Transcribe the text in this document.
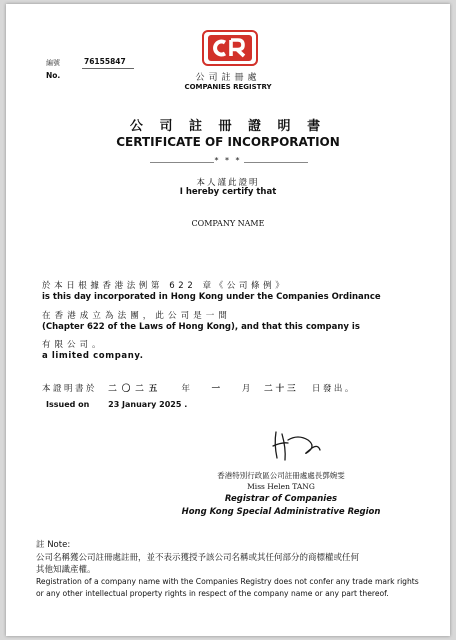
編號	76155847
No.	公司註冊處
COMPANIES REGISTRY
公 司 註 冊 證 明 書
CERTIFICATE OF INCORPORATION
* * *
本人謹此證明
I hereby certify that
COMPANY NAME
於本日根據香港法例第 622 章《公司條例》
is this day incorporated in Hong Kong under the Companies Ordinance
在香港成立為法團，此公司是一間
(Chapter 622 of the Laws of Hong Kong), and that this company is
有限公司。
a limited company.
本證明書於 二〇二五 年 一 月 二十三 日發出。
Issued on 23 January 2025 .
香港特別行政區公司註冊處處長鄧婉雯
Miss Helen TANG
Registrar of Companies
Hong Kong Special Administrative Region
註 Note:
公司名稱獲公司註冊處註冊，並不表示獲授予該公司名稱或其任何部分的商標權或任何
其他知識產權。
Registration of a company name with the Companies Registry does not confer any trade mark rights
or any other intellectual property rights in respect of the company name or any part thereof.
